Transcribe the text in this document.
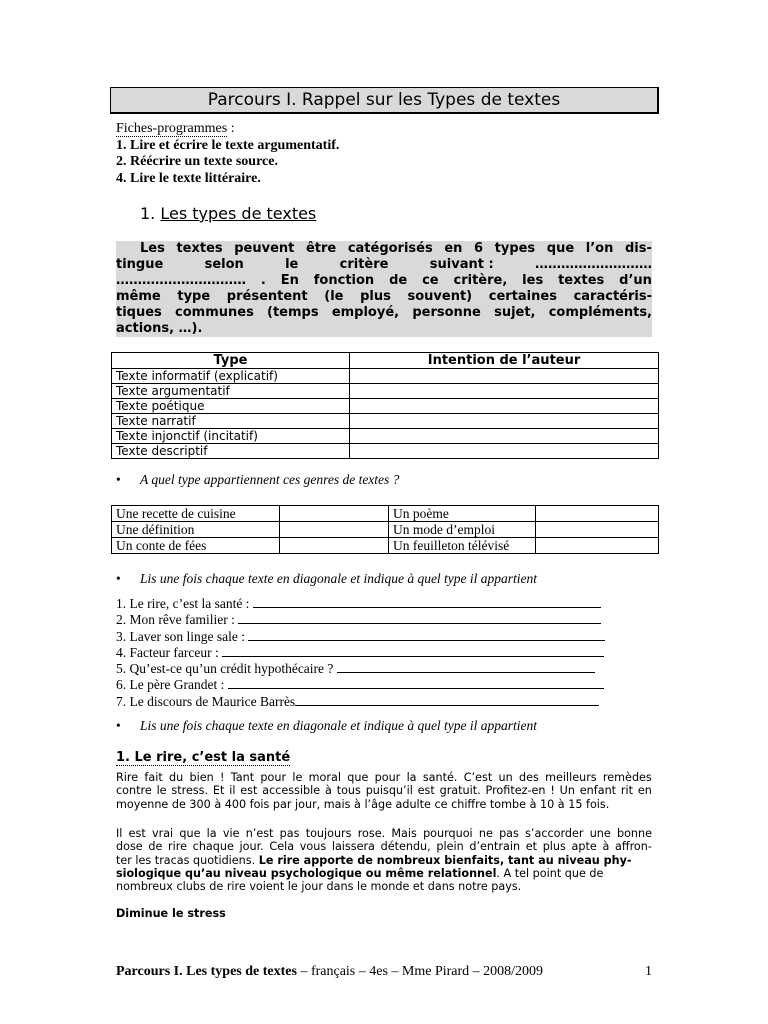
Parcours I. Rappel sur les Types de textes
Fiches-programmes :
1. Lire et écrire le texte argumentatif.
2. Réécrire un texte source.
4. Lire le texte littéraire.
1. Les types de textes
Les textes peuvent être catégorisés en 6 types que l’on dis-
tingue	selon	le	critère	suivant :	………………………
………………………… . En fonction de ce critère, les textes d’un
même type présentent (le plus souvent) certaines caractéris-
tiques communes (temps employé, personne sujet, compléments,
actions, …).
Type	Intention de l’auteur
Texte informatif (explicatif)	
Texte argumentatif	
Texte poétique	
Texte narratif	
Texte injonctif (incitatif)	
Texte descriptif	
• A quel type appartiennent ces genres de textes ?
Une recette de cuisine		Un poème	
Une définition		Un mode d’emploi	
Un conte de fées		Un feuilleton télévisé	
• Lis une fois chaque texte en diagonale et indique à quel type il appartient
1. Le rire, c’est la santé :
2. Mon rêve familier :
3. Laver son linge sale :
4. Facteur farceur :
5. Qu’est-ce qu’un crédit hypothécaire ?
6. Le père Grandet :
7. Le discours de Maurice Barrès
• Lis une fois chaque texte en diagonale et indique à quel type il appartient
1. Le rire, c’est la santé
Rire fait du bien ! Tant pour le moral que pour la santé. C’est un des meilleurs remèdes
contre le stress. Et il est accessible à tous puisqu’il est gratuit. Profitez-en ! Un enfant rit en
moyenne de 300 à 400 fois par jour, mais à l’âge adulte ce chiffre tombe à 10 à 15 fois.
Il est vrai que la vie n’est pas toujours rose. Mais pourquoi ne pas s’accorder une bonne
dose de rire chaque jour. Cela vous laissera détendu, plein d’entrain et plus apte à affron-
ter les tracas quotidiens. Le rire apporte de nombreux bienfaits, tant au niveau phy-
siologique qu’au niveau psychologique ou même relationnel. A tel point que de
nombreux clubs de rire voient le jour dans le monde et dans notre pays.
Diminue le stress
Parcours I. Les types de textes – français – 4es – Mme Pirard – 2008/2009	1
